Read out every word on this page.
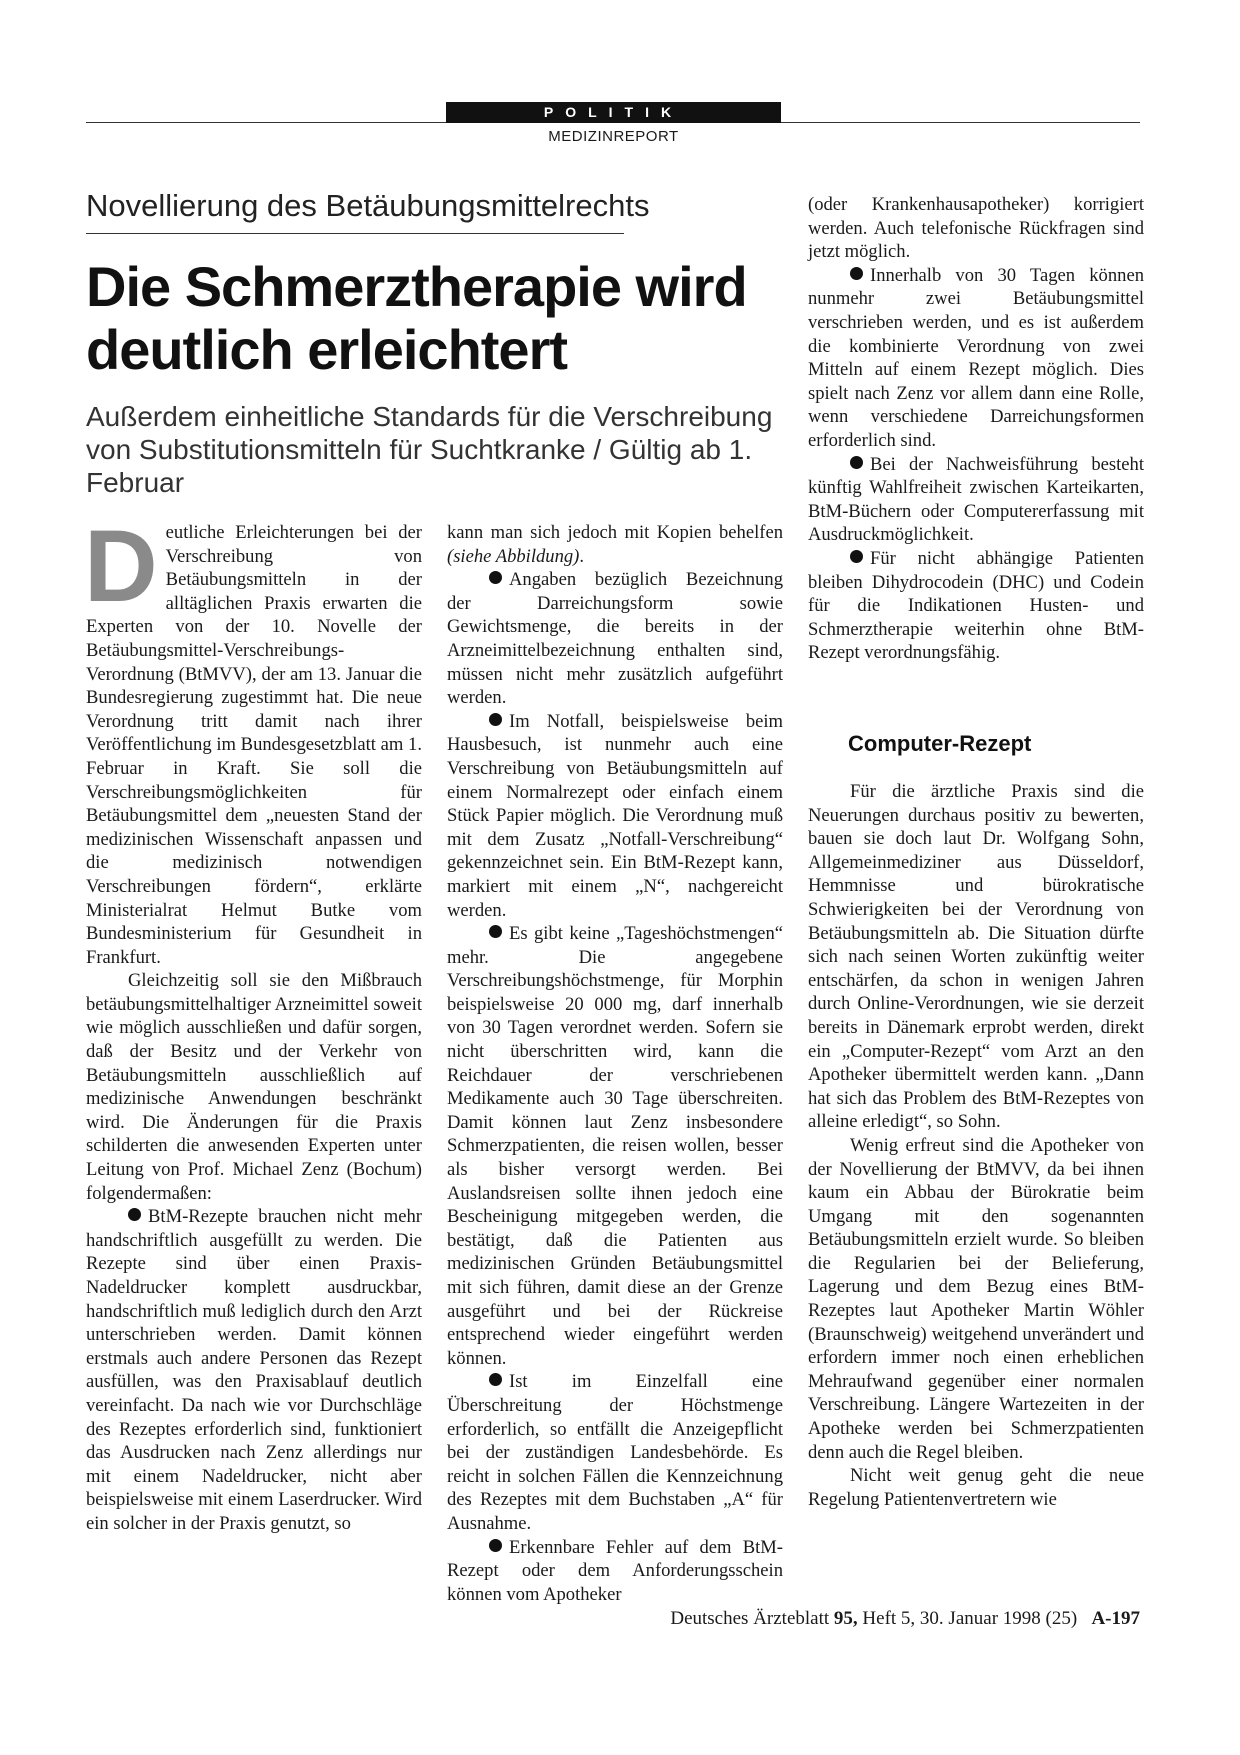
POLITIK
MEDIZINREPORT
Novellierung des Betäubungsmittelrechts
Die Schmerztherapie wird deutlich erleichtert
Außerdem einheitliche Standards für die Verschreibung von Substitutionsmitteln für Suchtkranke / Gültig ab 1. Februar

Deutliche Erleichterungen bei der Verschreibung von Betäubungsmitteln in der alltäglichen Praxis erwarten die Experten von der 10. Novelle der Betäubungsmittel-Verschreibungs-Verordnung (BtMVV), der am 13. Januar die Bundesregierung zugestimmt hat. Die neue Verordnung tritt damit nach ihrer Veröffentlichung im Bundesgesetzblatt am 1. Februar in Kraft. Sie soll die Verschreibungsmöglichkeiten für Betäubungsmittel dem „neuesten Stand der medizinischen Wissenschaft anpassen und die medizinisch notwendigen Verschreibungen fördern“, erklärte Ministerialrat Helmut Butke vom Bundesministerium für Gesundheit in Frankfurt.

Gleichzeitig soll sie den Mißbrauch betäubungsmittelhaltiger Arzneimittel soweit wie möglich ausschließen und dafür sorgen, daß der Besitz und der Verkehr von Betäubungsmitteln ausschließlich auf medizinische Anwendungen beschränkt wird. Die Änderungen für die Praxis schilderten die anwesenden Experten unter Leitung von Prof. Michael Zenz (Bochum) folgendermaßen:

BtM-Rezepte brauchen nicht mehr handschriftlich ausgefüllt zu werden. Die Rezepte sind über einen Praxis-Nadeldrucker komplett ausdruckbar, handschriftlich muß lediglich durch den Arzt unterschrieben werden. Damit können erstmals auch andere Personen das Rezept ausfüllen, was den Praxisablauf deutlich vereinfacht. Da nach wie vor Durchschläge des Rezeptes erforderlich sind, funktioniert das Ausdrucken nach Zenz allerdings nur mit einem Nadeldrucker, nicht aber beispielsweise mit einem Laserdrucker. Wird ein solcher in der Praxis genutzt, so

kann man sich jedoch mit Kopien behelfen (siehe Abbildung).

Angaben bezüglich Bezeichnung der Darreichungsform sowie Gewichtsmenge, die bereits in der Arzneimittelbezeichnung enthalten sind, müssen nicht mehr zusätzlich aufgeführt werden.

Im Notfall, beispielsweise beim Hausbesuch, ist nunmehr auch eine Verschreibung von Betäubungsmitteln auf einem Normalrezept oder einfach einem Stück Papier möglich. Die Verordnung muß mit dem Zusatz „Notfall-Verschreibung“ gekennzeichnet sein. Ein BtM-Rezept kann, markiert mit einem „N“, nachgereicht werden.

Es gibt keine „Tageshöchstmengen“ mehr. Die angegebene Verschreibungshöchstmenge, für Morphin beispielsweise 20 000 mg, darf innerhalb von 30 Tagen verordnet werden. Sofern sie nicht überschritten wird, kann die Reichdauer der verschriebenen Medikamente auch 30 Tage überschreiten. Damit können laut Zenz insbesondere Schmerzpatienten, die reisen wollen, besser als bisher versorgt werden. Bei Auslandsreisen sollte ihnen jedoch eine Bescheinigung mitgegeben werden, die bestätigt, daß die Patienten aus medizinischen Gründen Betäubungsmittel mit sich führen, damit diese an der Grenze ausgeführt und bei der Rückreise entsprechend wieder eingeführt werden können.

Ist im Einzelfall eine Überschreitung der Höchstmenge erforderlich, so entfällt die Anzeigepflicht bei der zuständigen Landesbehörde. Es reicht in solchen Fällen die Kennzeichnung des Rezeptes mit dem Buchstaben „A“ für Ausnahme.

Erkennbare Fehler auf dem BtM-Rezept oder dem Anforderungsschein können vom Apotheker

(oder Krankenhausapotheker) korrigiert werden. Auch telefonische Rückfragen sind jetzt möglich.

Innerhalb von 30 Tagen können nunmehr zwei Betäubungsmittel verschrieben werden, und es ist außerdem die kombinierte Verordnung von zwei Mitteln auf einem Rezept möglich. Dies spielt nach Zenz vor allem dann eine Rolle, wenn verschiedene Darreichungsformen erforderlich sind.

Bei der Nachweisführung besteht künftig Wahlfreiheit zwischen Karteikarten, BtM-Büchern oder Computererfassung mit Ausdruckmöglichkeit.

Für nicht abhängige Patienten bleiben Dihydrocodein (DHC) und Codein für die Indikationen Husten- und Schmerztherapie weiterhin ohne BtM-Rezept verordnungsfähig.

Computer-Rezept

Für die ärztliche Praxis sind die Neuerungen durchaus positiv zu bewerten, bauen sie doch laut Dr. Wolfgang Sohn, Allgemeinmediziner aus Düsseldorf, Hemmnisse und bürokratische Schwierigkeiten bei der Verordnung von Betäubungsmitteln ab. Die Situation dürfte sich nach seinen Worten zukünftig weiter entschärfen, da schon in wenigen Jahren durch Online-Verordnungen, wie sie derzeit bereits in Dänemark erprobt werden, direkt ein „Computer-Rezept“ vom Arzt an den Apotheker übermittelt werden kann. „Dann hat sich das Problem des BtM-Rezeptes von alleine erledigt“, so Sohn.

Wenig erfreut sind die Apotheker von der Novellierung der BtMVV, da bei ihnen kaum ein Abbau der Bürokratie beim Umgang mit den sogenannten Betäubungsmitteln erzielt wurde. So bleiben die Regularien bei der Belieferung, Lagerung und dem Bezug eines BtM-Rezeptes laut Apotheker Martin Wöhler (Braunschweig) weitgehend unverändert und erfordern immer noch einen erheblichen Mehraufwand gegenüber einer normalen Verschreibung. Längere Wartezeiten in der Apotheke werden bei Schmerzpatienten denn auch die Regel bleiben.

Nicht weit genug geht die neue Regelung Patientenvertretern wie

Deutsches Ärzteblatt 95, Heft 5, 30. Januar 1998 (25) A-197
